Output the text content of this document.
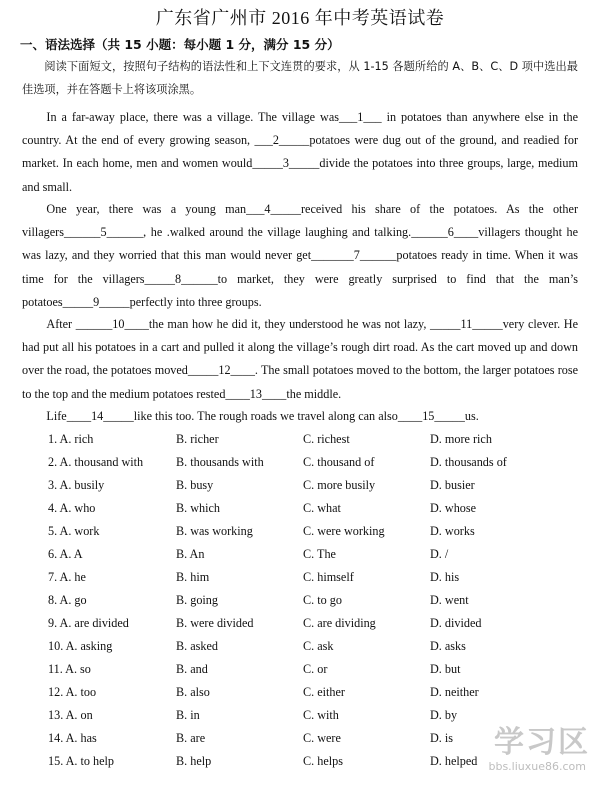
广东省广州市 2016 年中考英语试卷
一、语法选择（共 15 小题：每小题 1 分，满分 15 分）
阅读下面短文，按照句子结构的语法性和上下文连贯的要求，从 1-15 各题所给的 A、B、C、D 项中选出最佳选项，并在答题卡上将该项涂黑。
In a far-away place, there was a village. The village was___1___ in potatoes than anywhere else in the country. At the end of every growing season, ___2_____potatoes were dug out of the ground, and readied for market. In each home, men and women would_____3_____divide the potatoes into three groups, large, medium and small.
One year, there was a young man___4_____received his share of the potatoes. As the other villagers______5______, he .walked around the village laughing and talking.______6____villagers thought he was lazy, and they worried that this man would never get_______7______potatoes ready in time. When it was time for the villagers_____8______to market, they were greatly surprised to find that the man’s potatoes_____9_____perfectly into three groups.
After ______10____the man how he did it, they understood he was not lazy, _____11_____very clever. He had put all his potatoes in a cart and pulled it along the village’s rough dirt road. As the cart moved up and down over the road, the potatoes moved_____12____. The small potatoes moved to the bottom, the larger potatoes rose to the top and the medium potatoes rested____13____the middle.
Life____14_____like this too. The rough roads we travel along can also____15_____us.
1. A. rich	B. richer	C. richest	D. more rich
2. A. thousand with	B. thousands with	C. thousand of	D. thousands of
3. A. busily	B. busy	C. more busily	D. busier
4. A. who	B. which	C. what	D. whose
5. A. work	B. was working	C. were working	D. works
6. A. A	B. An	C. The	D. /
7. A. he	B. him	C. himself	D. his
8. A. go	B. going	C. to go	D. went
9. A. are divided	B. were divided	C. are dividing	D. divided
10. A. asking	B. asked	C. ask	D. asks
11. A. so	B. and	C. or	D. but
12. A. too	B. also	C. either	D. neither
13. A. on	B. in	C. with	D. by
14. A. has	B. are	C. were	D. is
15. A. to help	B. help	C. helps	D. helped
学习区
bbs.liuxue86.com
